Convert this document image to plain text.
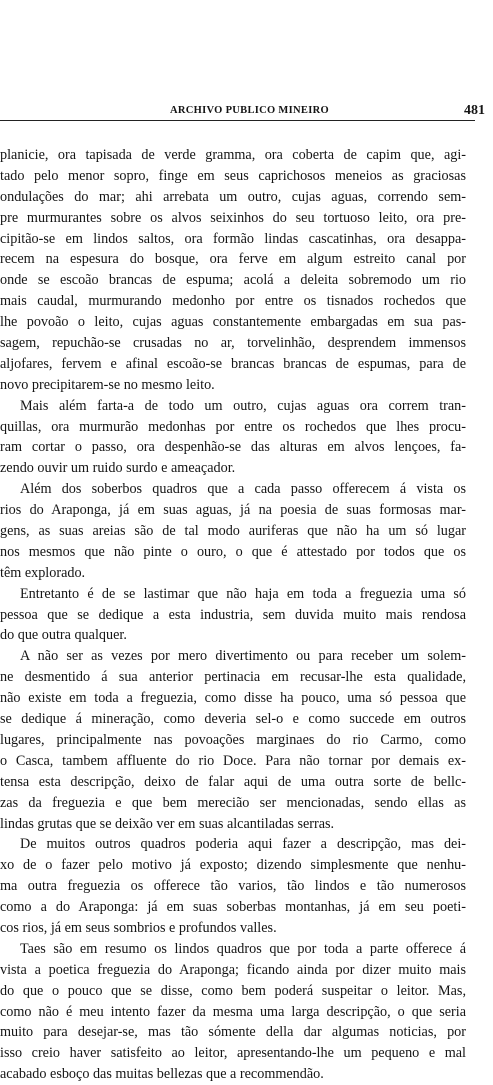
ARCHIVO PUBLICO MINEIRO	481
planicie, ora tapisada de verde gramma, ora coberta de capim que, agi-
tado pelo menor sopro, finge em seus caprichosos meneios as graciosas
ondulações do mar; ahi arrebata um outro, cujas aguas, correndo sem-
pre murmurantes sobre os alvos seixinhos do seu tortuoso leito, ora pre-
cipitão-se em lindos saltos, ora formão lindas cascatinhas, ora desappa-
recem na espesura do bosque, ora ferve em algum estreito canal por
onde se escoão brancas de espuma; acolá a deleita sobremodo um rio
mais caudal, murmurando medonho por entre os tisnados rochedos que
lhe povoão o leito, cujas aguas constantemente embargadas em sua pas-
sagem, repuchão-se crusadas no ar, torvelinhão, desprendem immensos
aljofares, fervem e afinal escoão-se brancas brancas de espumas, para de
novo precipitarem-se no mesmo leito.
Mais além farta-a de todo um outro, cujas aguas ora correm tran-
quillas, ora murmurão medonhas por entre os rochedos que lhes procu-
ram cortar o passo, ora despenhão-se das alturas em alvos lençoes, fa-
zendo ouvir um ruido surdo e ameaçador.
Além dos soberbos quadros que a cada passo offerecem á vista os
rios do Araponga, já em suas aguas, já na poesia de suas formosas mar-
gens, as suas areias são de tal modo auriferas que não ha um só lugar
nos mesmos que não pinte o ouro, o que é attestado por todos que os
têm explorado.
Entretanto é de se lastimar que não haja em toda a freguezia uma só
pessoa que se dedique a esta industria, sem duvida muito mais rendosa
do que outra qualquer.
A não ser as vezes por mero divertimento ou para receber um solem-
ne desmentido á sua anterior pertinacia em recusar-lhe esta qualidade,
não existe em toda a freguezia, como disse ha pouco, uma só pessoa que
se dedique á mineração, como deveria sel-o e como succede em outros
lugares, principalmente nas povoações marginaes do rio Carmo, como
o Casca, tambem affluente do rio Doce. Para não tornar por demais ex-
tensa esta descripção, deixo de falar aqui de uma outra sorte de bellc-
zas da freguezia e que bem merecião ser mencionadas, sendo ellas as
lindas grutas que se deixão ver em suas alcantiladas serras.
De muitos outros quadros poderia aqui fazer a descripção, mas dei-
xo de o fazer pelo motivo já exposto; dizendo simplesmente que nenhu-
ma outra freguezia os offerece tão varios, tão lindos e tão numerosos
como a do Araponga: já em suas soberbas montanhas, já em seu poeti-
cos rios, já em seus sombrios e profundos valles.
Taes são em resumo os lindos quadros que por toda a parte offerece á
vista a poetica freguezia do Araponga; ficando ainda por dizer muito mais
do que o pouco que se disse, como bem poderá suspeitar o leitor. Mas,
como não é meu intento fazer da mesma uma larga descripção, o que seria
muito para desejar-se, mas tão sómente della dar algumas noticias, por
isso creio haver satisfeito ao leitor, apresentando-lhe um pequeno e mal
acabado esboço das muitas bellezas que a recommendão.
